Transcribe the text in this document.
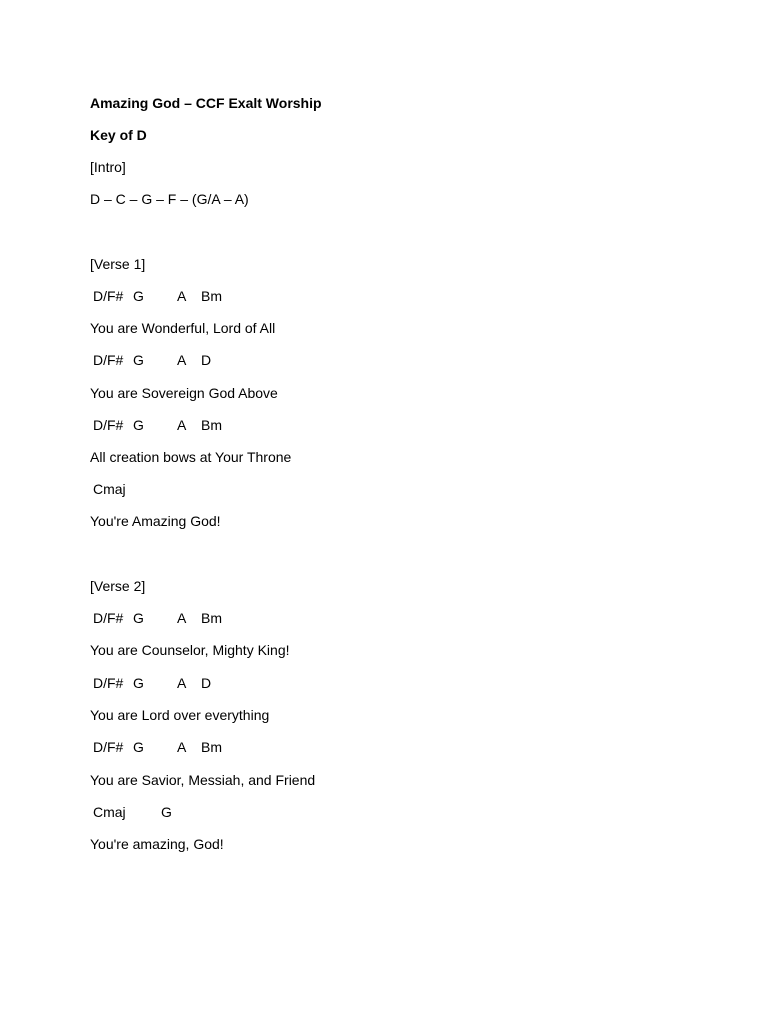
Amazing God – CCF Exalt Worship

Key of D

[Intro]

D – C – G – F – (G/A – A)

[Verse 1]

D/F# G A Bm

You are Wonderful, Lord of All

D/F# G A D

You are Sovereign God Above

D/F# G A Bm

All creation bows at Your Throne

Cmaj

You're Amazing God!

[Verse 2]

D/F# G A Bm

You are Counselor, Mighty King!

D/F# G A D

You are Lord over everything

D/F# G A Bm

You are Savior, Messiah, and Friend

Cmaj	G

You're amazing, God!
